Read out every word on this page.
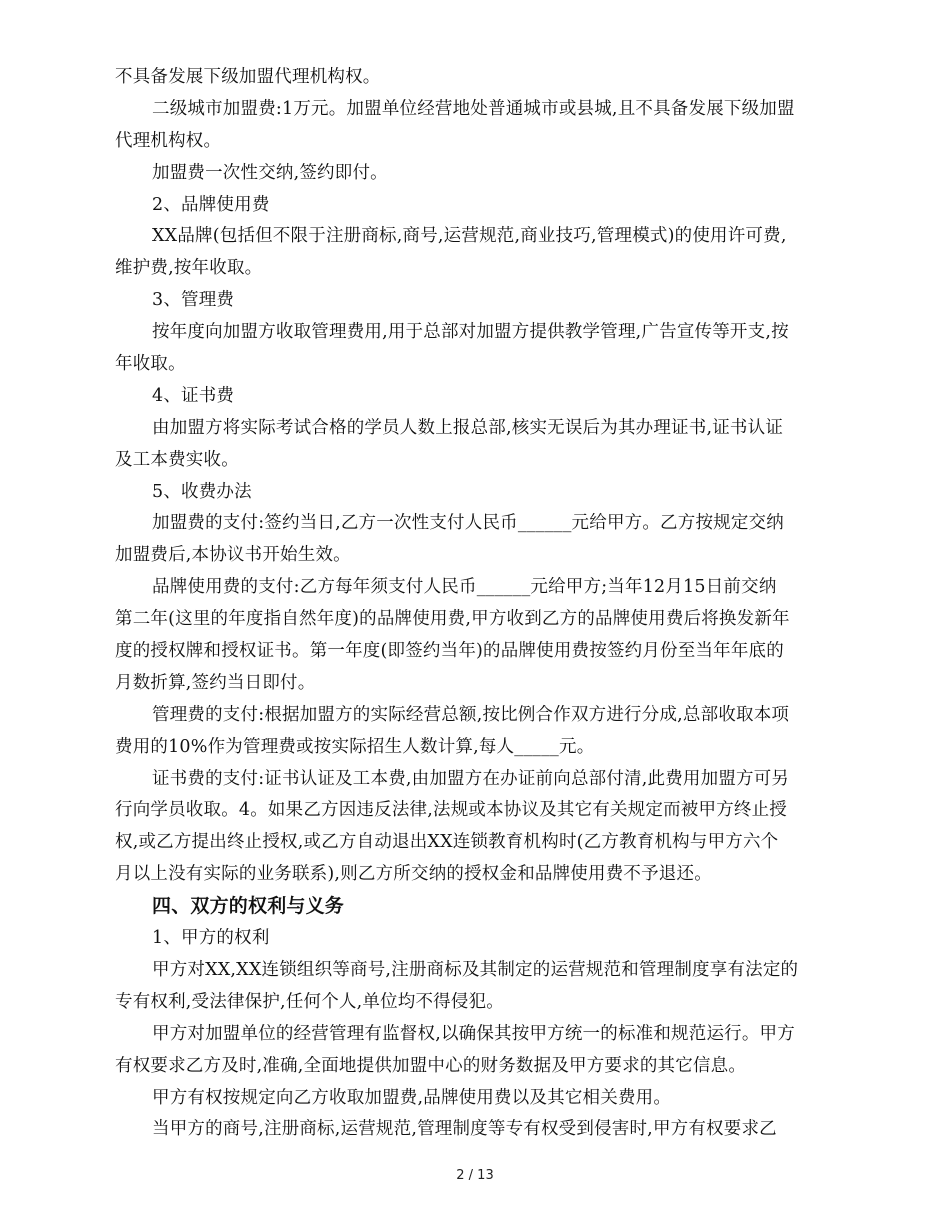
不具备发展下级加盟代理机构权。
二级城市加盟费:1万元。加盟单位经营地处普通城市或县城,且不具备发展下级加盟
代理机构权。
加盟费一次性交纳,签约即付。
2、品牌使用费
XX品牌(包括但不限于注册商标,商号,运营规范,商业技巧,管理模式)的使用许可费,
维护费,按年收取。
3、管理费
按年度向加盟方收取管理费用,用于总部对加盟方提供教学管理,广告宣传等开支,按
年收取。
4、证书费
由加盟方将实际考试合格的学员人数上报总部,核实无误后为其办理证书,证书认证
及工本费实收。
5、收费办法
加盟费的支付:签约当日,乙方一次性支付人民币______元给甲方。乙方按规定交纳
加盟费后,本协议书开始生效。
品牌使用费的支付:乙方每年须支付人民币______元给甲方;当年12月15日前交纳
第二年(这里的年度指自然年度)的品牌使用费,甲方收到乙方的品牌使用费后将换发新年
度的授权牌和授权证书。第一年度(即签约当年)的品牌使用费按签约月份至当年年底的
月数折算,签约当日即付。
管理费的支付:根据加盟方的实际经营总额,按比例合作双方进行分成,总部收取本项
费用的10%作为管理费或按实际招生人数计算,每人_____元。
证书费的支付:证书认证及工本费,由加盟方在办证前向总部付清,此费用加盟方可另
行向学员收取。4。如果乙方因违反法律,法规或本协议及其它有关规定而被甲方终止授
权,或乙方提出终止授权,或乙方自动退出XX连锁教育机构时(乙方教育机构与甲方六个
月以上没有实际的业务联系),则乙方所交纳的授权金和品牌使用费不予退还。
四、双方的权利与义务
1、甲方的权利
甲方对XX,XX连锁组织等商号,注册商标及其制定的运营规范和管理制度享有法定的
专有权利,受法律保护,任何个人,单位均不得侵犯。
甲方对加盟单位的经营管理有监督权,以确保其按甲方统一的标准和规范运行。甲方
有权要求乙方及时,准确,全面地提供加盟中心的财务数据及甲方要求的其它信息。
甲方有权按规定向乙方收取加盟费,品牌使用费以及其它相关费用。
当甲方的商号,注册商标,运营规范,管理制度等专有权受到侵害时,甲方有权要求乙
2 / 13
